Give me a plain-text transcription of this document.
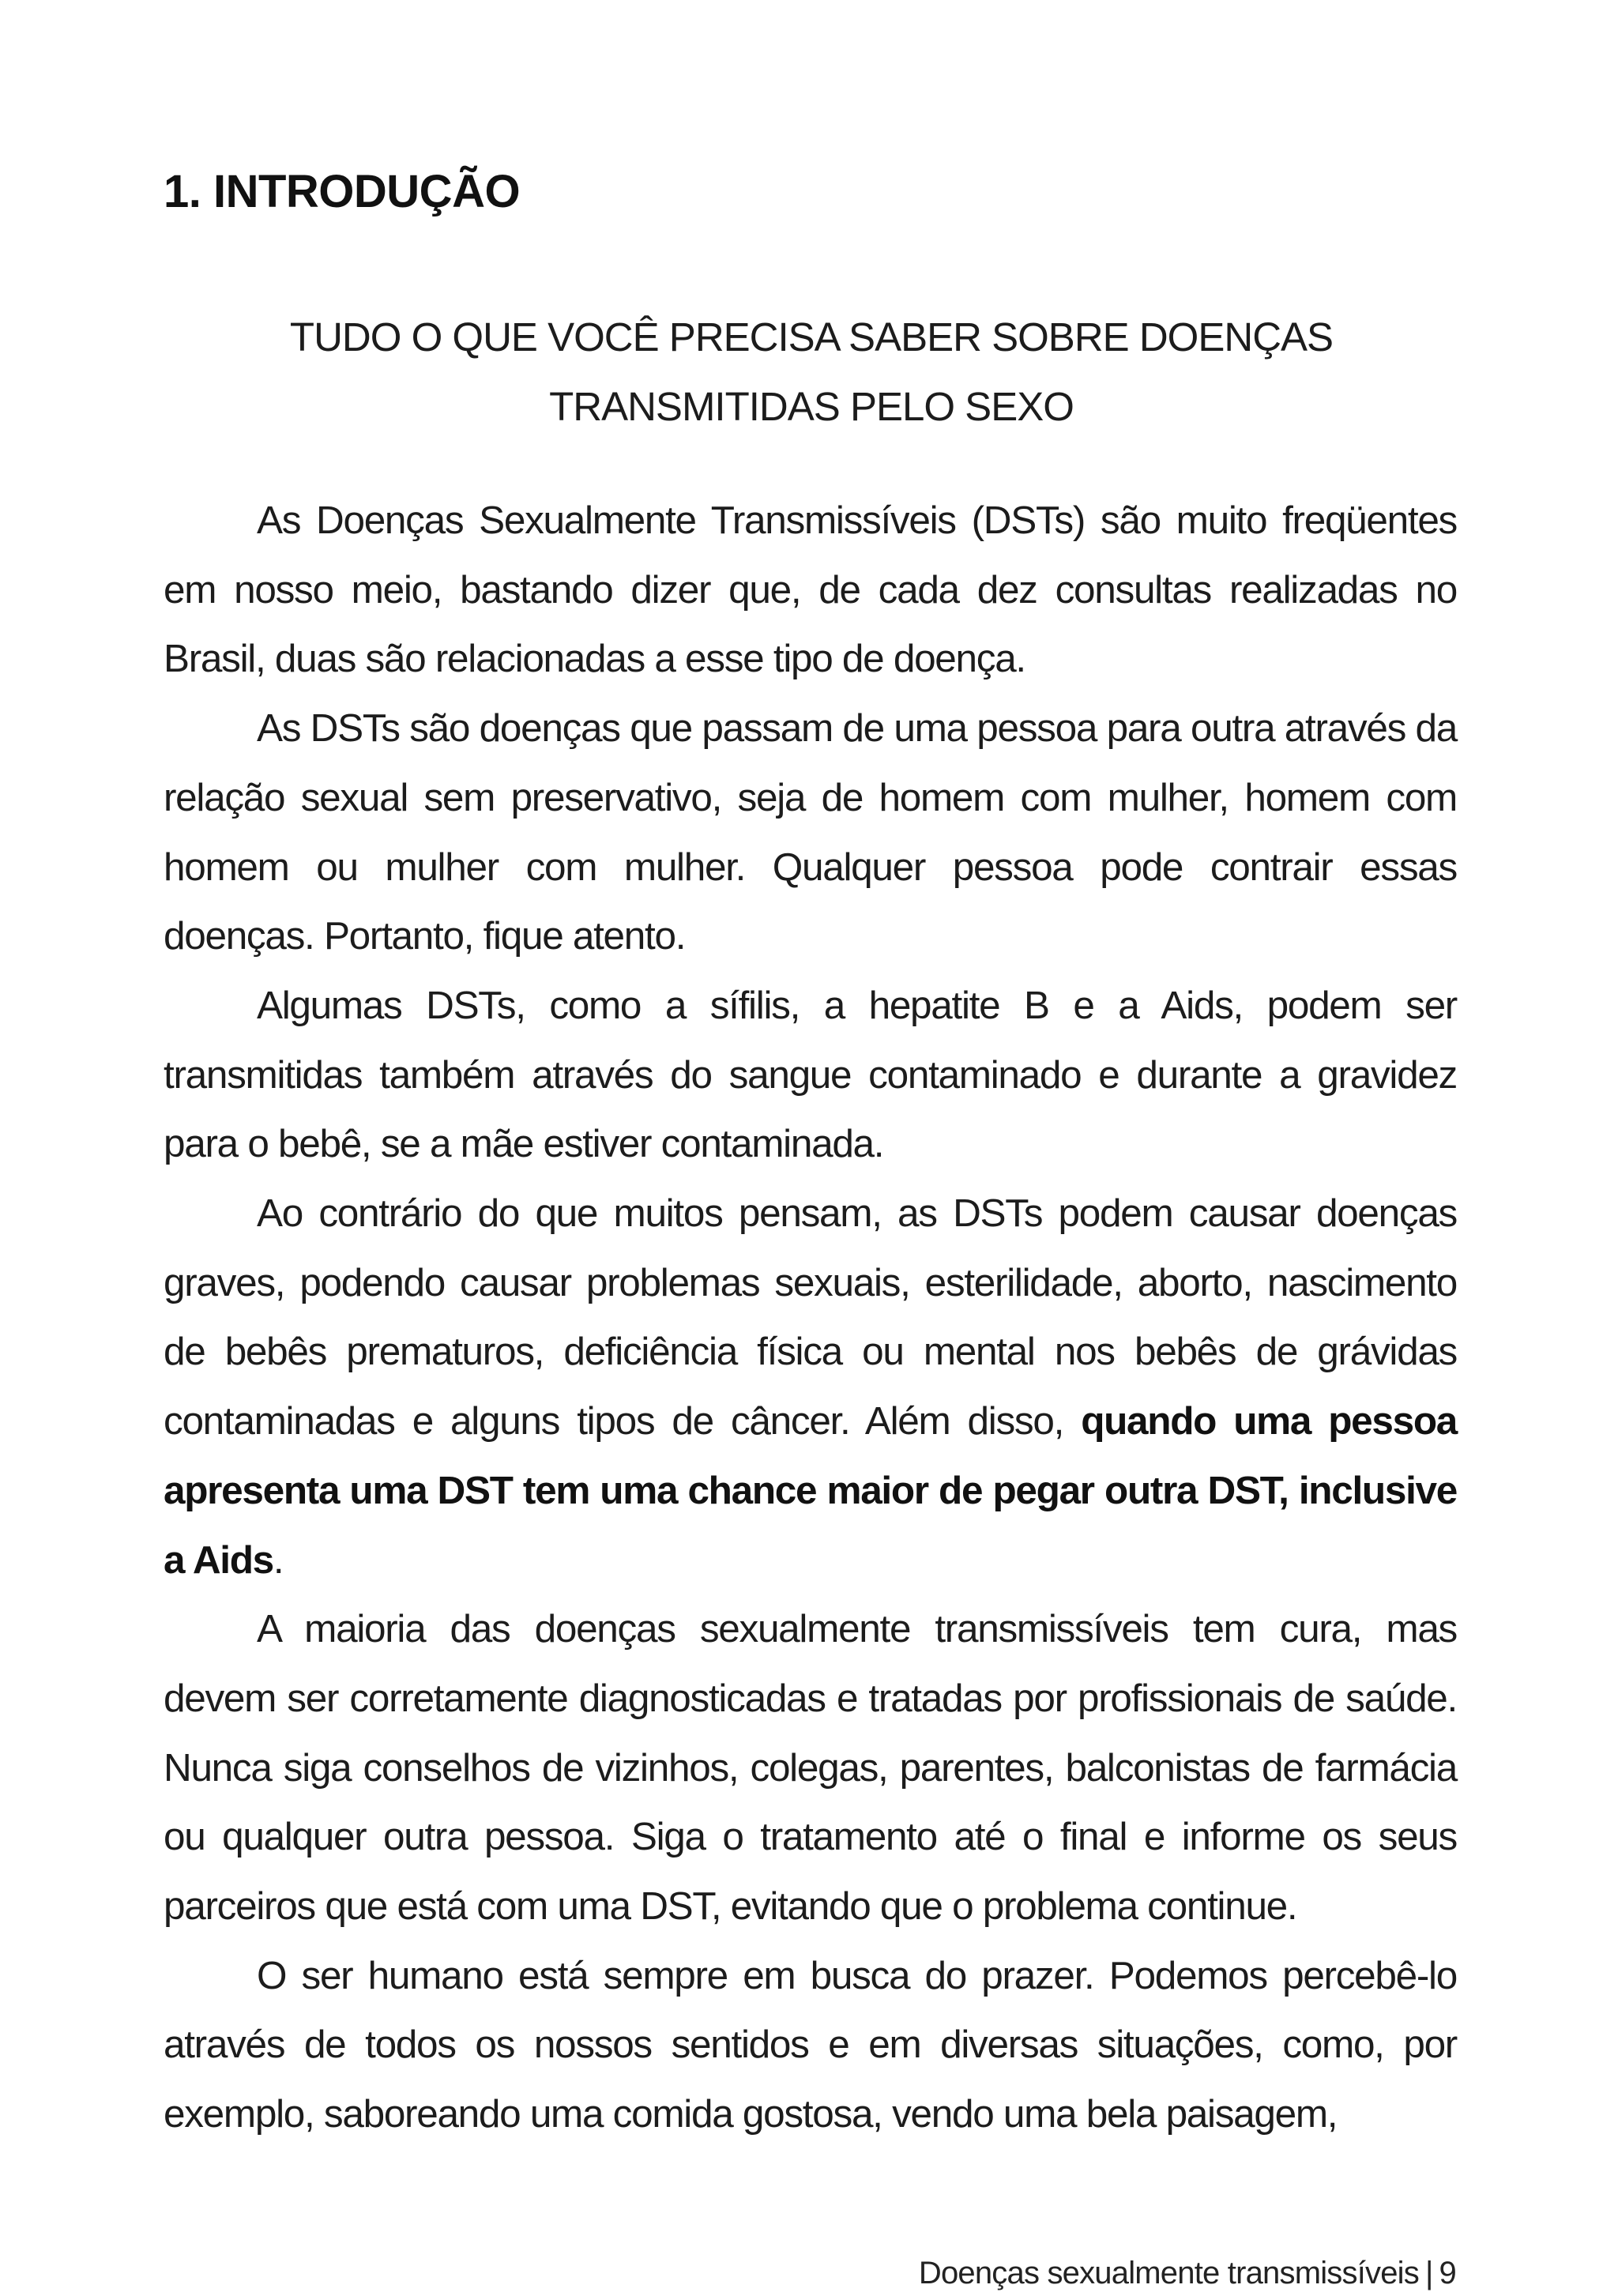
1. INTRODUÇÃO
TUDO O QUE VOCÊ PRECISA SABER SOBRE DOENÇAS
TRANSMITIDAS PELO SEXO

As Doenças Sexualmente Transmissíveis (DSTs) são muito freqüentes em nosso meio, bastando dizer que, de cada dez consultas realizadas no Brasil, duas são relacionadas a esse tipo de doença.

As DSTs são doenças que passam de uma pessoa para outra através da relação sexual sem preservativo, seja de homem com mulher, homem com homem ou mulher com mulher. Qualquer pessoa pode contrair essas doenças. Portanto, fique atento.

Algumas DSTs, como a sífilis, a hepatite B e a Aids, podem ser transmitidas também através do sangue contaminado e durante a gravidez para o bebê, se a mãe estiver contaminada.

Ao contrário do que muitos pensam, as DSTs podem causar doenças graves, podendo causar problemas sexuais, esterilidade, aborto, nascimento de bebês prematuros, deficiência física ou mental nos bebês de grávidas contaminadas e alguns tipos de câncer. Além disso, quando uma pessoa apresenta uma DST tem uma chance maior de pegar outra DST, inclusive a Aids.

A maioria das doenças sexualmente transmissíveis tem cura, mas devem ser corretamente diagnosticadas e tratadas por profissionais de saúde. Nunca siga conselhos de vizinhos, colegas, parentes, balconistas de farmácia ou qualquer outra pessoa. Siga o tratamento até o final e informe os seus parceiros que está com uma DST, evitando que o problema continue.

O ser humano está sempre em busca do prazer. Podemos percebê-lo através de todos os nossos sentidos e em diversas situações, como, por exemplo, saboreando uma comida gostosa, vendo uma bela paisagem,

Doenças sexualmente transmissíveis | 9
